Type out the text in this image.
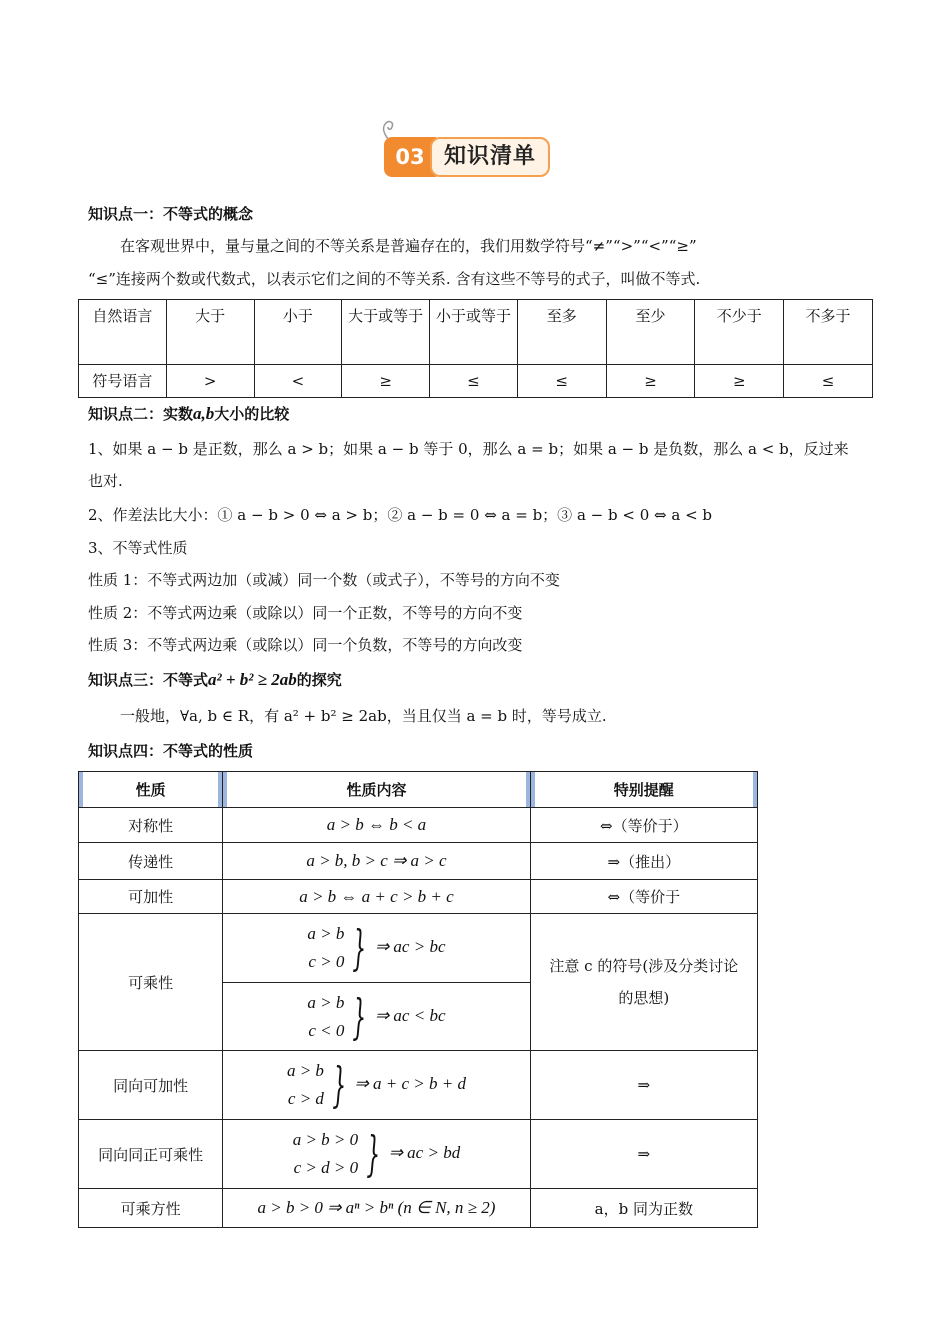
03 知识清单
知识点一：不等式的概念
在客观世界中，量与量之间的不等关系是普遍存在的，我们用数学符号“≠”“>”“<”“≥”
“≤”连接两个数或代数式，以表示它们之间的不等关系. 含有这些不等号的式子，叫做不等式.
自然语言	大于	小于	大于或等于	小于或等于	至多	至少	不少于	不多于
符号语言	>	<	≥	≤	≤	≥	≥	≤
知识点二：实数a,b大小的比较
1、如果 a − b 是正数，那么 a > b；如果 a − b 等于 0，那么 a = b；如果 a − b 是负数，那么 a < b，反过来
也对.
2、作差法比大小：① a − b > 0 ⇔ a > b；② a − b = 0 ⇔ a = b；③ a − b < 0 ⇔ a < b
3、不等式性质
性质 1：不等式两边加（或减）同一个数（或式子），不等号的方向不变
性质 2：不等式两边乘（或除以）同一个正数，不等号的方向不变
性质 3：不等式两边乘（或除以）同一个负数，不等号的方向改变
知识点三：不等式a² + b² ≥ 2ab的探究
一般地，∀a, b ∈ R，有 a² + b² ≥ 2ab，当且仅当 a = b 时，等号成立.
知识点四：不等式的性质
性质	性质内容	特别提醒
对称性	a > b ⇔ b < a	⇔（等价于）
传递性	a > b, b > c ⇒ a > c	⇒（推出）
可加性	a > b ⇔ a + c > b + c	⇔（等价于
可乘性	a > b
c > 0 } ⇒ ac > bc	注意 c 的符号(涉及分类讨论
的思想)
	a > b
c < 0 } ⇒ ac < bc	
同向可加性	a > b
c > d } ⇒ a + c > b + d	⇒
同向同正可乘性	a > b > 0
c > d > 0 } ⇒ ac > bd	⇒
可乘方性	a > b > 0 ⇒ aⁿ > bⁿ (n ∈ N, n ≥ 2)	a，b 同为正数
